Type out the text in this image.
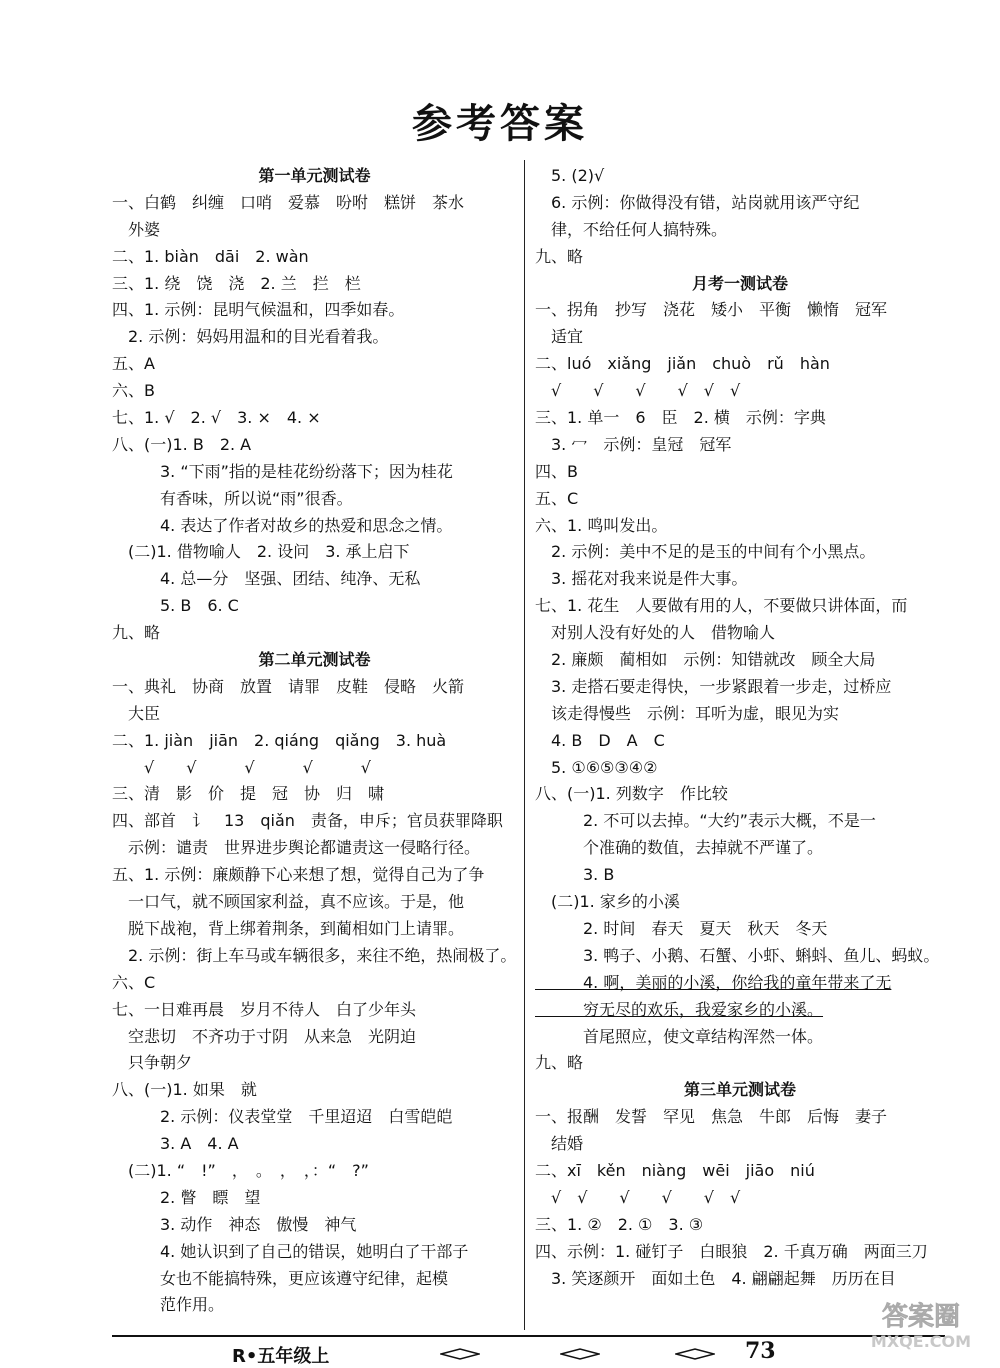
参考答案
第一单元测试卷
一、白鹤　纠缠　口哨　爱慕　吩咐　糕饼　茶水
　外婆
二、1. biàn　dāi　2. wàn
三、1. 绕　饶　浇　2. 兰　拦　栏
四、1. 示例：昆明气候温和，四季如春。
　2. 示例：妈妈用温和的目光看着我。
五、A
六、B
七、1. √　2. √　3. ×　4. ×
八、(一)1. B　2. A
　　　3. “下雨”指的是桂花纷纷落下；因为桂花
　　　有香味，所以说“雨”很香。
　　　4. 表达了作者对故乡的热爱和思念之情。
　(二)1. 借物喻人　2. 设问　3. 承上启下
　　　4. 总—分　坚强、团结、纯净、无私
　　　5. B　6. C
九、略
第二单元测试卷
一、典礼　协商　放置　请罪　皮鞋　侵略　火箭
　大臣
二、1. jiàn　jiān　2. qiáng　qiǎng　3. huà
　　√　　√　　　√　　　√　　　√
三、清　影　价　提　冠　协　归　啸
四、部首　讠　13　qiǎn　责备，申斥；官员获罪降职
　示例：谴责　世界进步舆论都谴责这一侵略行径。
五、1. 示例：廉颇静下心来想了想，觉得自己为了争
　一口气，就不顾国家利益，真不应该。于是，他
　脱下战袍，背上绑着荆条，到蔺相如门上请罪。
　2. 示例：街上车马或车辆很多，来往不绝，热闹极了。
六、C
七、一日难再晨　岁月不待人　白了少年头
　空悲切　不齐功于寸阴　从来急　光阴迫
　只争朝夕
八、(一)1. 如果　就
　　　2. 示例：仪表堂堂　千里迢迢　白雪皑皑
　　　3. A　4. A
　(二)1. “　!”　，　。　，　，：“　?”
　　　2. 瞥　瞟　望
　　　3. 动作　神态　傲慢　神气
　　　4. 她认识到了自己的错误，她明白了干部子
　　　女也不能搞特殊，更应该遵守纪律，起模
　　　范作用。
　5. (2)√
　6. 示例：你做得没有错，站岗就用该严守纪
　律，不给任何人搞特殊。
九、略
月考一测试卷
一、拐角　抄写　浇花　矮小　平衡　懒惰　冠军
　适宜
二、luó　xiǎng　jiǎn　chuò　rǔ　hàn
　√　　√　　√　　√　√　√
三、1. 单一　6　臣　2. 横　示例：字典
　3. 冖　示例：皇冠　冠军
四、B
五、C
六、1. 鸣叫发出。
　2. 示例：美中不足的是玉的中间有个小黑点。
　3. 摇花对我来说是件大事。
七、1. 花生　人要做有用的人，不要做只讲体面，而
　对别人没有好处的人　借物喻人
　2. 廉颇　蔺相如　示例：知错就改　顾全大局
　3. 走搭石要走得快，一步紧跟着一步走，过桥应
　该走得慢些　示例：耳听为虚，眼见为实
　4. B　D　A　C
　5. ①⑥⑤③④②
八、(一)1. 列数字　作比较
　　　2. 不可以去掉。“大约”表示大概，不是一
　　　个准确的数值，去掉就不严谨了。
　　　3. B
　(二)1. 家乡的小溪
　　　2. 时间　春天　夏天　秋天　冬天
　　　3. 鸭子、小鹅、石蟹、小虾、蝌蚪、鱼儿、蚂蚁。
　　　4. 啊，美丽的小溪，你给我的童年带来了无
　　　穷无尽的欢乐，我爱家乡的小溪。
　　　首尾照应，使文章结构浑然一体。
九、略
第三单元测试卷
一、报酬　发誓　罕见　焦急　牛郎　后悔　妻子
　结婚
二、xī　kěn　niàng　wēi　jiāo　niú
　√　√　　√　　√　　√　√
三、1. ②　2. ①　3. ③
四、示例：1. 碰钉子　白眼狼　2. 千真万确　两面三刀
　3. 笑逐颜开　面如土色　4. 翩翩起舞　历历在目
R•五年级上	73
答案圈
MXQE.COM
